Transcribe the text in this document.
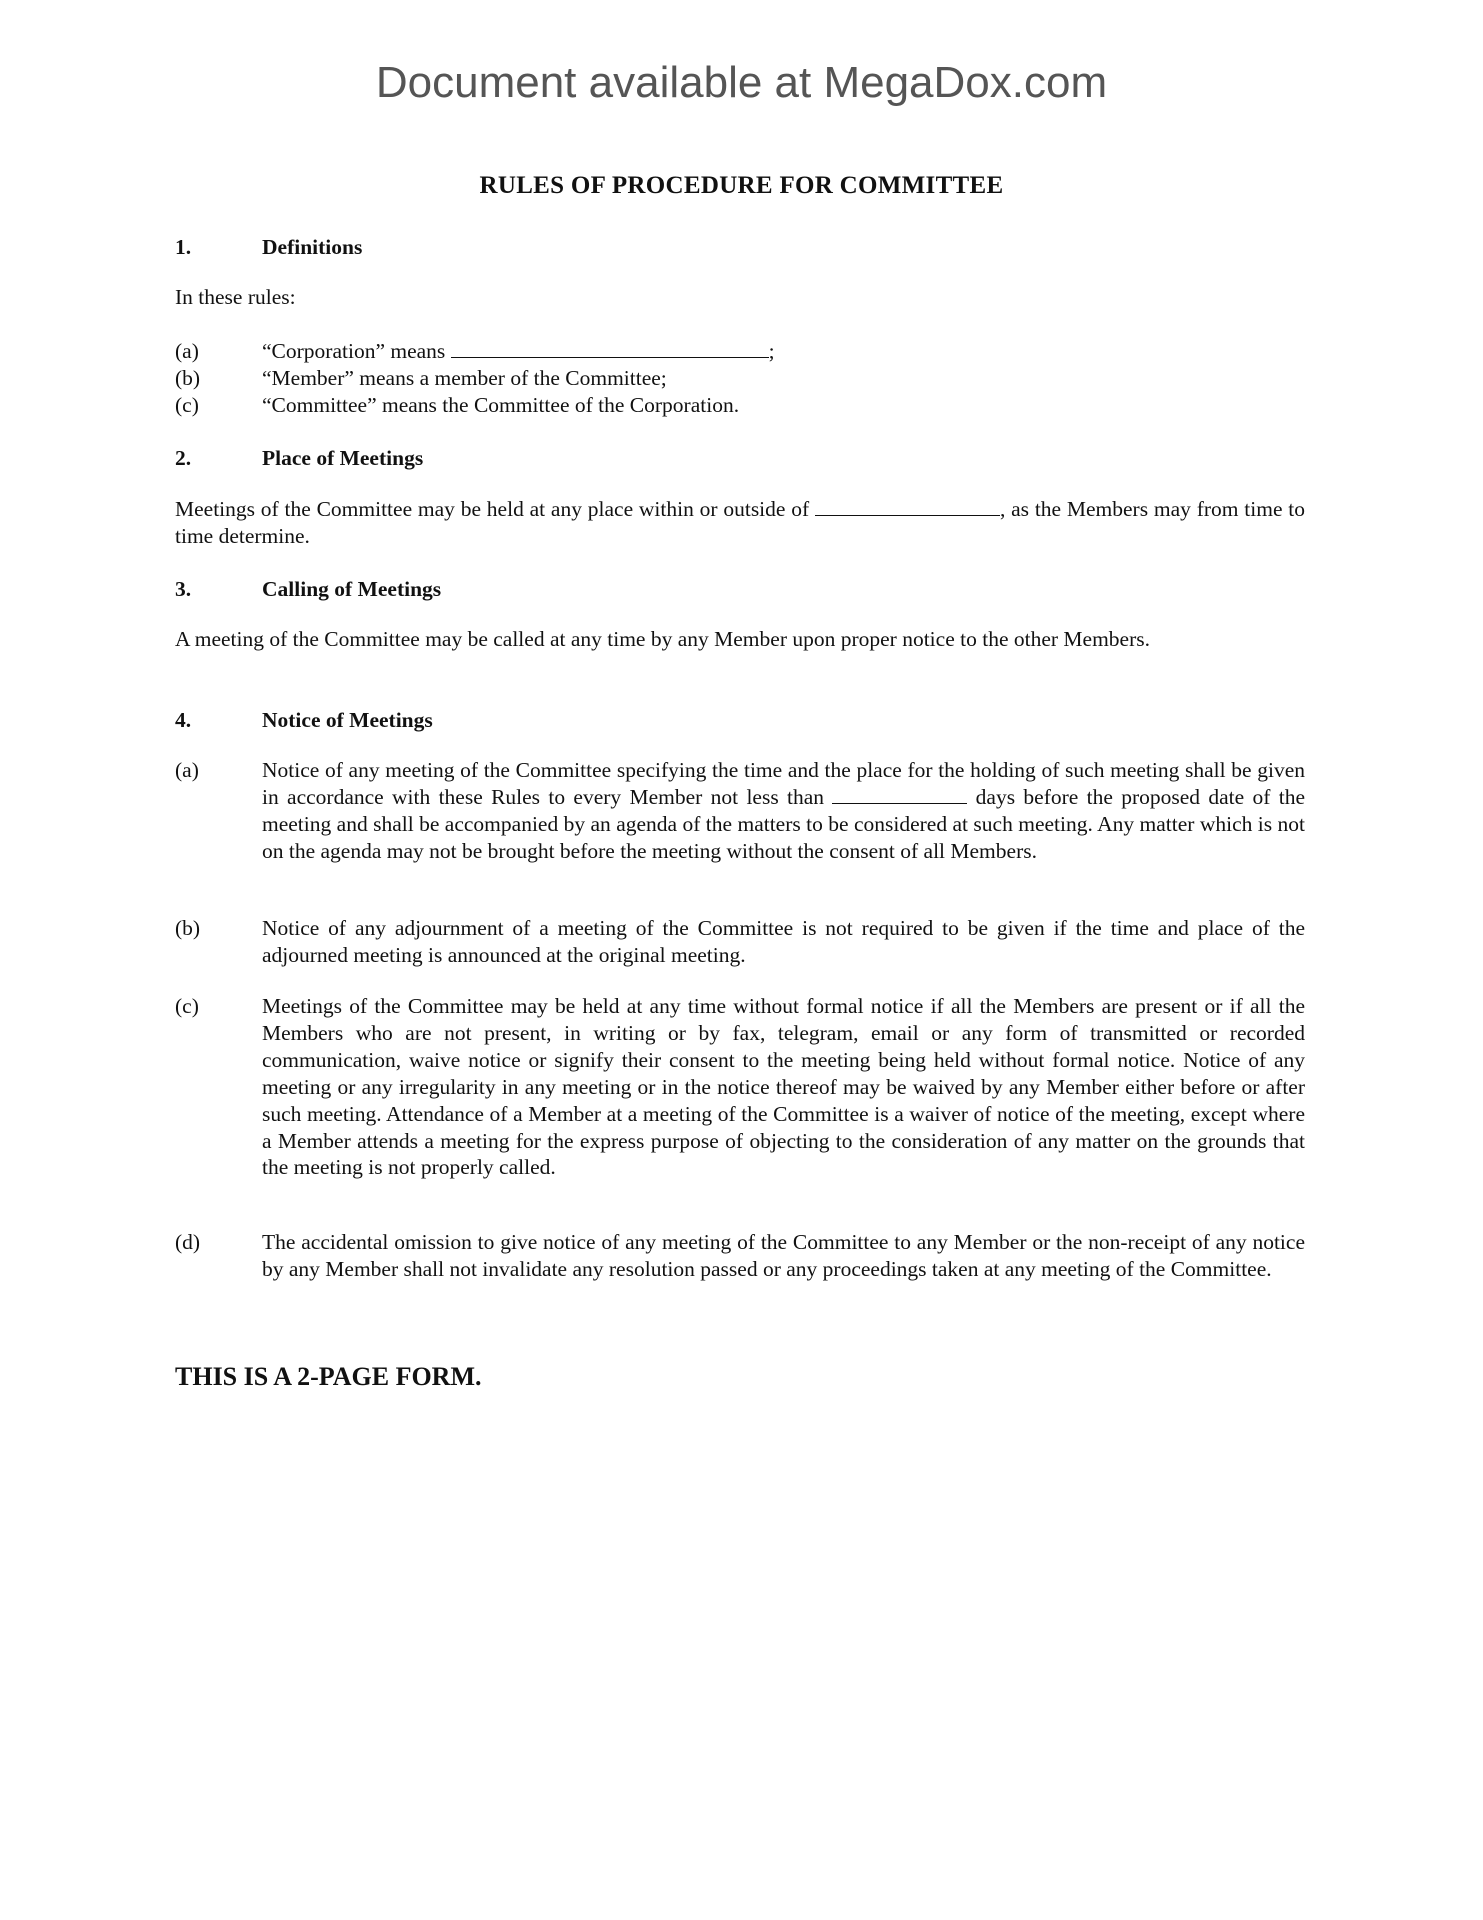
Document available at MegaDox.com
RULES OF PROCEDURE FOR COMMITTEE
1.	Definitions
In these rules:
(a)	“Corporation” means	;
(b)	“Member” means a member of the Committee;
(c)	“Committee” means the Committee of the Corporation.
2.	Place of Meetings
Meetings of the Committee may be held at any place within or outside of	, as the Members may from time to time determine.
3.	Calling of Meetings
A meeting of the Committee may be called at any time by any Member upon proper notice to the other Members.
4.	Notice of Meetings
(a)	Notice of any meeting of the Committee specifying the time and the place for the holding of such meeting shall be given in accordance with these Rules to every Member not less than	days before the proposed date of the meeting and shall be accompanied by an agenda of the matters to be considered at such meeting. Any matter which is not on the agenda may not be brought before the meeting without the consent of all Members.
(b)	Notice of any adjournment of a meeting of the Committee is not required to be given if the time and place of the adjourned meeting is announced at the original meeting.
(c)	Meetings of the Committee may be held at any time without formal notice if all the Members are present or if all the Members who are not present, in writing or by fax, telegram, email or any form of transmitted or recorded communication, waive notice or signify their consent to the meeting being held without formal notice. Notice of any meeting or any irregularity in any meeting or in the notice thereof may be waived by any Member either before or after such meeting. Attendance of a Member at a meeting of the Committee is a waiver of notice of the meeting, except where a Member attends a meeting for the express purpose of objecting to the consideration of any matter on the grounds that the meeting is not properly called.
(d)	The accidental omission to give notice of any meeting of the Committee to any Member or the non-receipt of any notice by any Member shall not invalidate any resolution passed or any proceedings taken at any meeting of the Committee.
THIS IS A 2-PAGE FORM.
